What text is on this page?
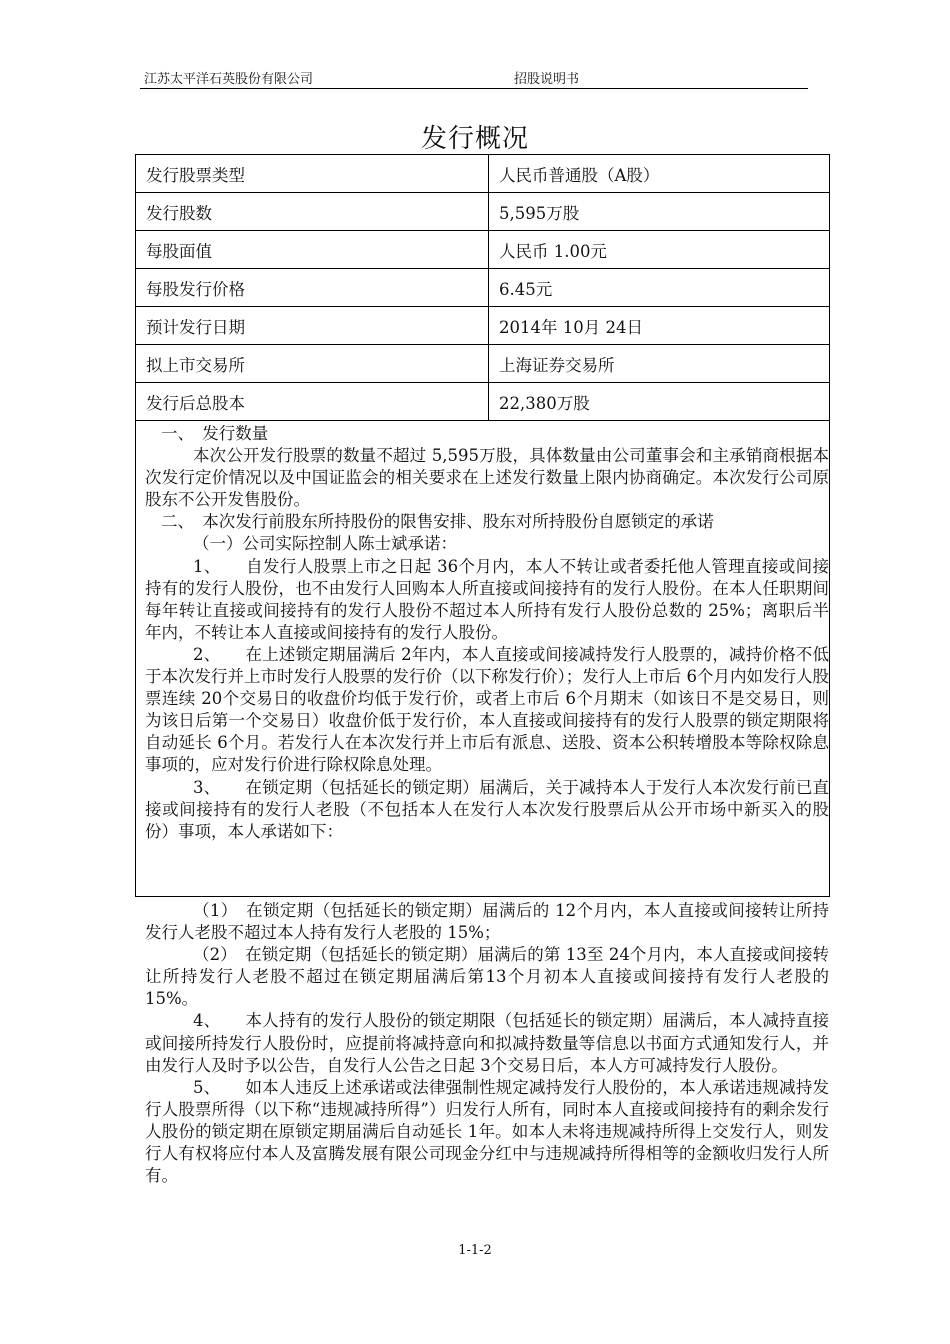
江苏太平洋石英股份有限公司	招股说明书
发行概况
发行股票类型	人民币普通股（A股）
发行股数	5,595万股
每股面值	人民币 1.00元
每股发行价格	6.45元
预计发行日期	2014年 10月 24日
拟上市交易所	上海证券交易所
发行后总股本	22,380万股

一、　发行数量

本次公开发行股票的数量不超过 5,595万股，具体数量由公司董事会和主承销商根据本次发行定价情况以及中国证监会的相关要求在上述发行数量上限内协商确定。本次发行公司原股东不公开发售股份。

二、　本次发行前股东所持股份的限售安排、股东对所持股份自愿锁定的承诺

（一）公司实际控制人陈士斌承诺：

1、　　自发行人股票上市之日起 36个月内，本人不转让或者委托他人管理直接或间接持有的发行人股份，也不由发行人回购本人所直接或间接持有的发行人股份。在本人任职期间每年转让直接或间接持有的发行人股份不超过本人所持有发行人股份总数的 25%；离职后半年内，不转让本人直接或间接持有的发行人股份。

2、　　在上述锁定期届满后 2年内，本人直接或间接减持发行人股票的，减持价格不低于本次发行并上市时发行人股票的发行价（以下称发行价）；发行人上市后 6个月内如发行人股票连续 20个交易日的收盘价均低于发行价，或者上市后 6个月期末（如该日不是交易日，则为该日后第一个交易日）收盘价低于发行价，本人直接或间接持有的发行人股票的锁定期限将自动延长 6个月。若发行人在本次发行并上市后有派息、送股、资本公积转增股本等除权除息事项的，应对发行价进行除权除息处理。

3、　　在锁定期（包括延长的锁定期）届满后，关于减持本人于发行人本次发行前已直接或间接持有的发行人老股（不包括本人在发行人本次发行股票后从公开市场中新买入的股份）事项，本人承诺如下：

（1）　在锁定期（包括延长的锁定期）届满后的 12个月内，本人直接或间接转让所持发行人老股不超过本人持有发行人老股的 15%；

（2）　在锁定期（包括延长的锁定期）届满后的第 13至 24个月内，本人直接或间接转让所持发行人老股不超过在锁定期届满后第13个月初本人直接或间接持有发行人老股的 15%。

4、　　本人持有的发行人股份的锁定期限（包括延长的锁定期）届满后，本人减持直接或间接所持发行人股份时，应提前将减持意向和拟减持数量等信息以书面方式通知发行人，并由发行人及时予以公告，自发行人公告之日起 3个交易日后，本人方可减持发行人股份。

5、　　如本人违反上述承诺或法律强制性规定减持发行人股份的，本人承诺违规减持发行人股票所得（以下称“违规减持所得”）归发行人所有，同时本人直接或间接持有的剩余发行人股份的锁定期在原锁定期届满后自动延长 1年。如本人未将违规减持所得上交发行人，则发行人有权将应付本人及富腾发展有限公司现金分红中与违规减持所得相等的金额收归发行人所有。

1-1-2
